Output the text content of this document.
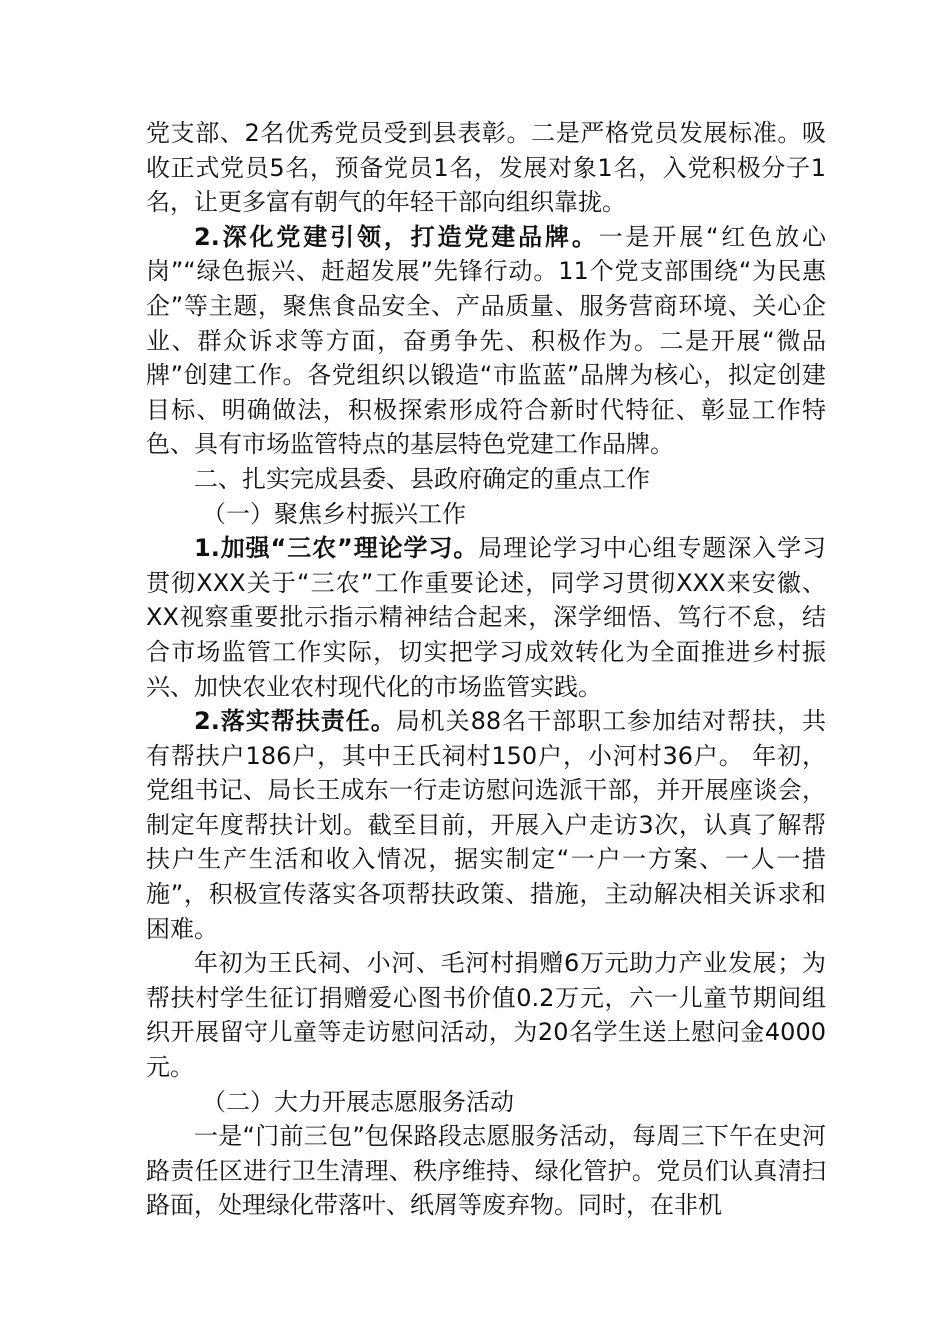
党支部、2名优秀党员受到县表彰。二是严格党员发展标准。吸收正式党员5名，预备党员1名，发展对象1名，入党积极分子1名，让更多富有朝气的年轻干部向组织靠拢。

2.深化党建引领，打造党建品牌。一是开展“红色放心岗”“绿色振兴、赶超发展”先锋行动。11个党支部围绕“为民惠企”等主题，聚焦食品安全、产品质量、服务营商环境、关心企业、群众诉求等方面，奋勇争先、积极作为。二是开展“微品牌”创建工作。各党组织以锻造“市监蓝”品牌为核心，拟定创建目标、明确做法，积极探索形成符合新时代特征、彰显工作特色、具有市场监管特点的基层特色党建工作品牌。

二、扎实完成县委、县政府确定的重点工作

（一）聚焦乡村振兴工作

1.加强“三农”理论学习。局理论学习中心组专题深入学习贯彻XXX关于“三农”工作重要论述，同学习贯彻XXX来安徽、XX视察重要批示指示精神结合起来，深学细悟、笃行不怠，结合市场监管工作实际，切实把学习成效转化为全面推进乡村振兴、加快农业农村现代化的市场监管实践。

2.落实帮扶责任。局机关88名干部职工参加结对帮扶，共有帮扶户186户，其中王氏祠村150户，小河村36户。 年初，党组书记、局长王成东一行走访慰问选派干部，并开展座谈会，制定年度帮扶计划。截至目前，开展入户走访3次，认真了解帮扶户生产生活和收入情况，据实制定“一户一方案、一人一措施”，积极宣传落实各项帮扶政策、措施，主动解决相关诉求和困难。

年初为王氏祠、小河、毛河村捐赠6万元助力产业发展；为帮扶村学生征订捐赠爱心图书价值0.2万元，六一儿童节期间组织开展留守儿童等走访慰问活动，为20名学生送上慰问金4000元。

（二）大力开展志愿服务活动

一是“门前三包”包保路段志愿服务活动，每周三下午在史河路责任区进行卫生清理、秩序维持、绿化管护。党员们认真清扫路面，处理绿化带落叶、纸屑等废弃物。同时，在非机
